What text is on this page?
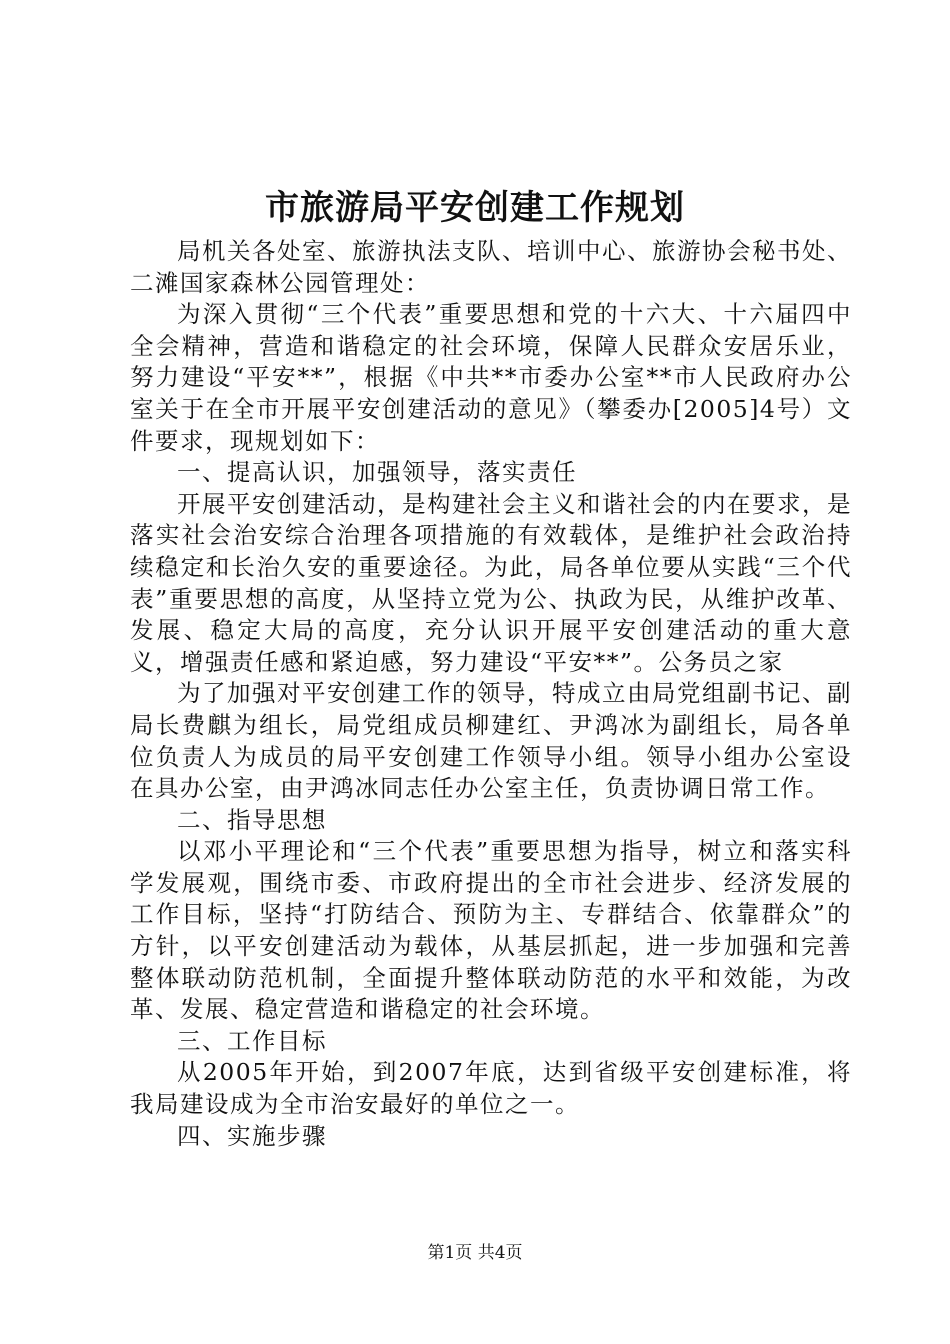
市旅游局平安创建工作规划

局机关各处室、旅游执法支队、培训中心、旅游协会秘书处、二滩国家森林公园管理处：

为深入贯彻“三个代表”重要思想和党的十六大、十六届四中全会精神，营造和谐稳定的社会环境，保障人民群众安居乐业，努力建设“平安**”，根据《中共**市委办公室**市人民政府办公室关于在全市开展平安创建活动的意见》（攀委办[2005]4号）文件要求，现规划如下：

一、提高认识，加强领导，落实责任

开展平安创建活动，是构建社会主义和谐社会的内在要求，是落实社会治安综合治理各项措施的有效载体，是维护社会政治持续稳定和长治久安的重要途径。为此，局各单位要从实践“三个代表”重要思想的高度，从坚持立党为公、执政为民，从维护改革、发展、稳定大局的高度，充分认识开展平安创建活动的重大意义，增强责任感和紧迫感，努力建设“平安**”。公务员之家

为了加强对平安创建工作的领导，特成立由局党组副书记、副局长费麒为组长，局党组成员柳建红、尹鸿冰为副组长，局各单位负责人为成员的局平安创建工作领导小组。领导小组办公室设在具办公室，由尹鸿冰同志任办公室主任，负责协调日常工作。

二、指导思想

以邓小平理论和“三个代表”重要思想为指导，树立和落实科学发展观，围绕市委、市政府提出的全市社会进步、经济发展的工作目标，坚持“打防结合、预防为主、专群结合、依靠群众”的方针，以平安创建活动为载体，从基层抓起，进一步加强和完善整体联动防范机制，全面提升整体联动防范的水平和效能，为改革、发展、稳定营造和谐稳定的社会环境。

三、工作目标

从2005年开始，到2007年底，达到省级平安创建标准，将我局建设成为全市治安最好的单位之一。

四、实施步骤

第1页 共4页
